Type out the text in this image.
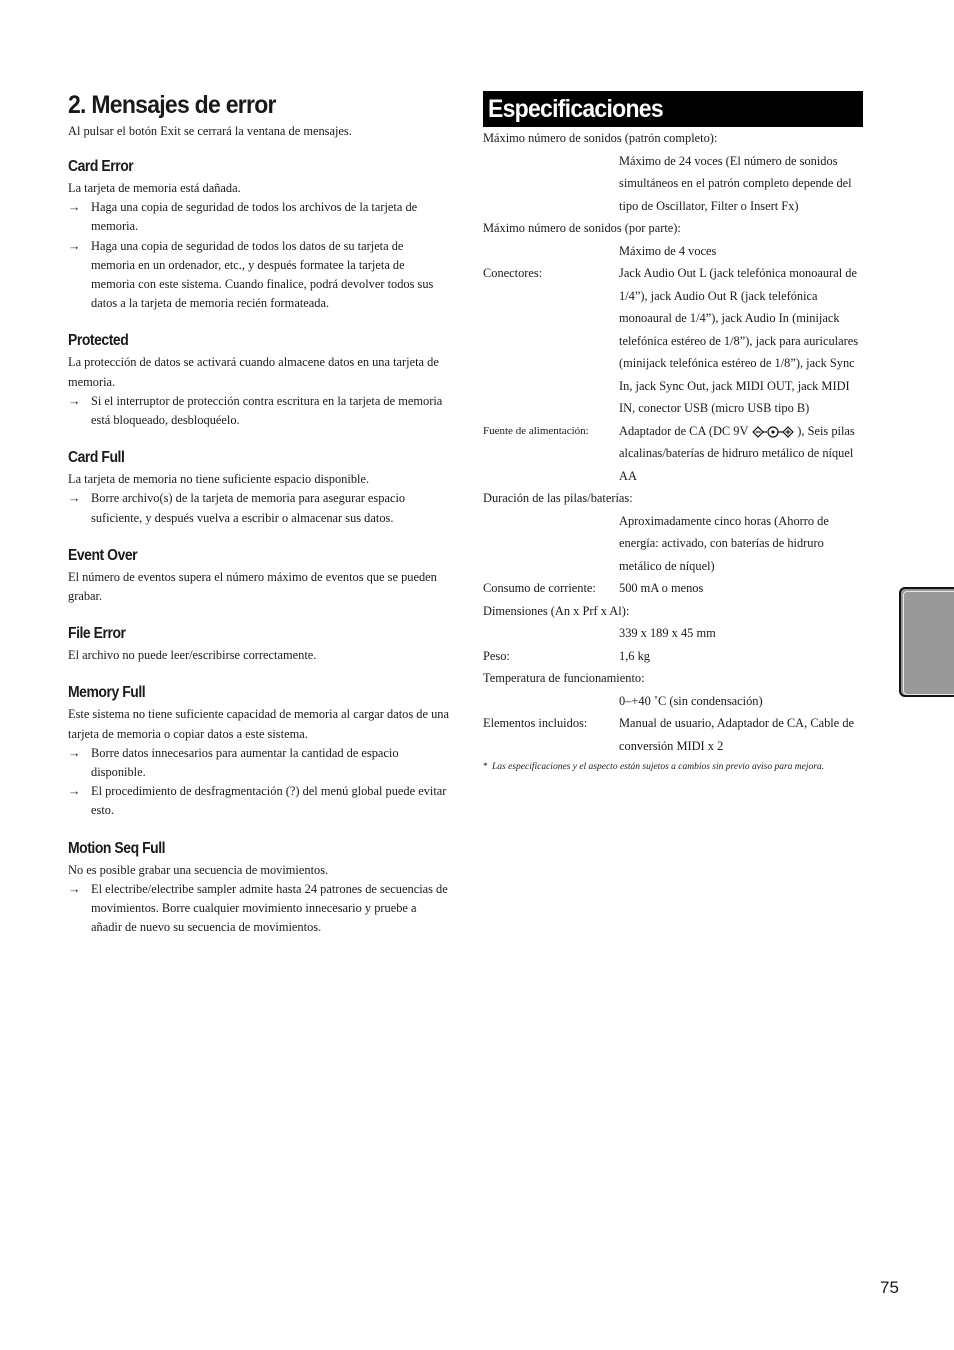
2. Mensajes de error

Al pulsar el botón Exit se cerrará la ventana de mensajes.

Card Error

La tarjeta de memoria está dañada.

→ Haga una copia de seguridad de todos los archivos de la tarjeta de memoria.
→ Haga una copia de seguridad de todos los datos de su tarjeta de memoria en un ordenador, etc., y después formatee la tarjeta de memoria con este sistema. Cuando finalice, podrá devolver todos sus datos a la tarjeta de memoria recién formateada.
Protected

La protección de datos se activará cuando almacene datos en una tarjeta de memoria.

→ Si el interruptor de protección contra escritura en la tarjeta de memoria está bloqueado, desbloquéelo.
Card Full

La tarjeta de memoria no tiene suficiente espacio disponible.

→ Borre archivo(s) de la tarjeta de memoria para asegurar espacio suficiente, y después vuelva a escribir o almacenar sus datos.
Event Over

El número de eventos supera el número máximo de eventos que se pueden grabar.

File Error

El archivo no puede leer/escribirse correctamente.

Memory Full

Este sistema no tiene suficiente capacidad de memoria al cargar datos de una tarjeta de memoria o copiar datos a este sistema.

→ Borre datos innecesarios para aumentar la cantidad de espacio disponible.
→ El procedimiento de desfragmentación (?) del menú global puede evitar esto.
Motion Seq Full

No es posible grabar una secuencia de movimientos.

→ El electribe/electribe sampler admite hasta 24 patrones de secuencias de movimientos. Borre cualquier movimiento innecesario y pruebe a añadir de nuevo su secuencia de movimientos.
Especificaciones
Máximo número de sonidos (patrón completo):
Máximo de 24 voces (El número de sonidos simultáneos en el patrón completo depende del tipo de Oscillator, Filter o Insert Fx)
Máximo número de sonidos (por parte):
Máximo de 4 voces
Conectores:	Jack Audio Out L (jack telefónica monoaural de 1/4”), jack Audio Out R (jack telefónica monoaural de 1/4”), jack Audio In (minijack telefónica estéreo de 1/8”), jack para auriculares (minijack telefónica estéreo de 1/8”), jack Sync In, jack Sync Out, jack MIDI OUT, jack MIDI IN, conector USB (micro USB tipo B)
Fuente de alimentación:	Adaptador de CA (DC 9V	), Seis pilas alcalinas/baterías de hidruro metálico de níquel AA
Duración de las pilas/baterías:
Aproximadamente cinco horas (Ahorro de energía: activado, con baterías de hidruro metálico de níquel)
Consumo de corriente:	500 mA o menos
Dimensiones (An x Prf x Al):
339 x 189 x 45 mm
Peso:	1,6 kg
Temperatura de funcionamiento:
0–+40 ˚C (sin condensación)
Elementos incluidos:	Manual de usuario, Adaptador de CA, Cable de conversión MIDI x 2
* Las especificaciones y el aspecto están sujetos a cambios sin previo aviso para mejora.
75
